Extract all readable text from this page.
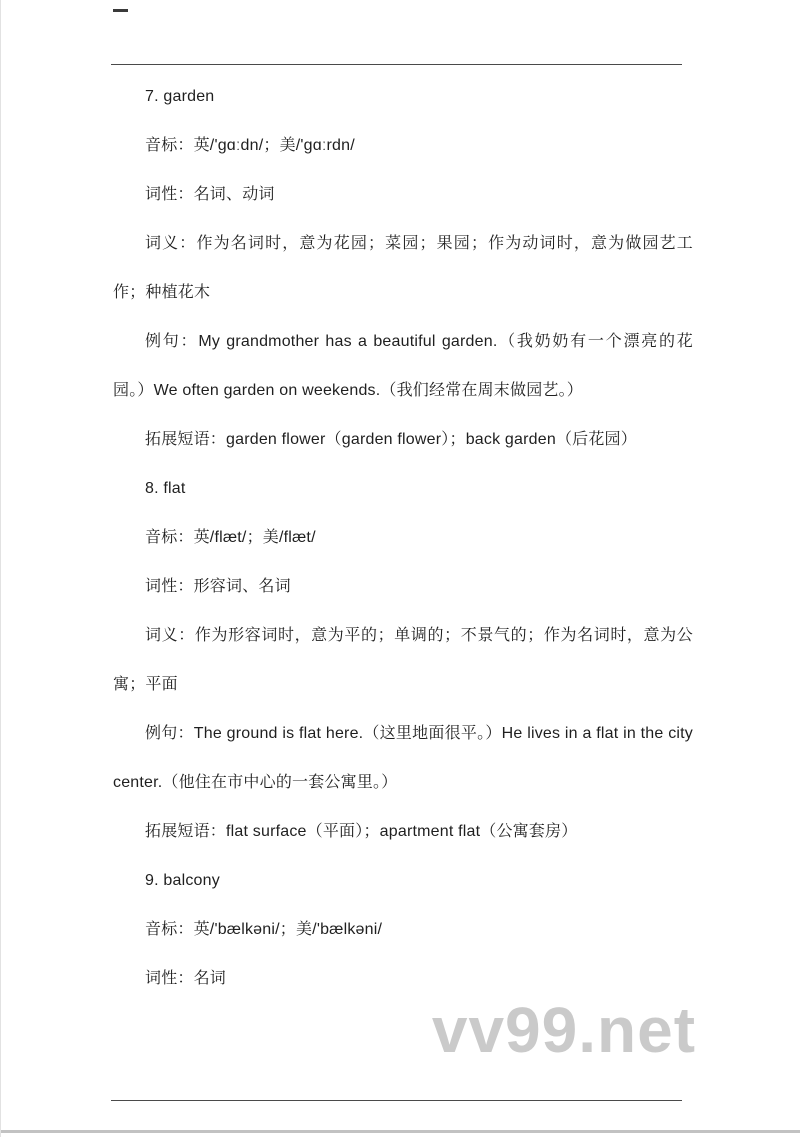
7. garden

音标：英/'gɑːdn/；美/'gɑːrdn/

词性：名词、动词

词义：作为名词时，意为花园；菜园；果园；作为动词时，意为做园艺工作；种植花木

例句：My grandmother has a beautiful garden.（我奶奶有一个漂亮的花园。）We often garden on weekends.（我们经常在周末做园艺。）

拓展短语：garden flower（garden flower）；back garden（后花园）

8. flat

音标：英/flæt/；美/flæt/

词性：形容词、名词

词义：作为形容词时，意为平的；单调的；不景气的；作为名词时，意为公寓；平面

例句：The ground is flat here.（这里地面很平。）He lives in a flat in the city center.（他住在市中心的一套公寓里。）

拓展短语：flat surface（平面）；apartment flat（公寓套房）

9. balcony

音标：英/'bælkəni/；美/'bælkəni/

词性：名词

vv99.net
